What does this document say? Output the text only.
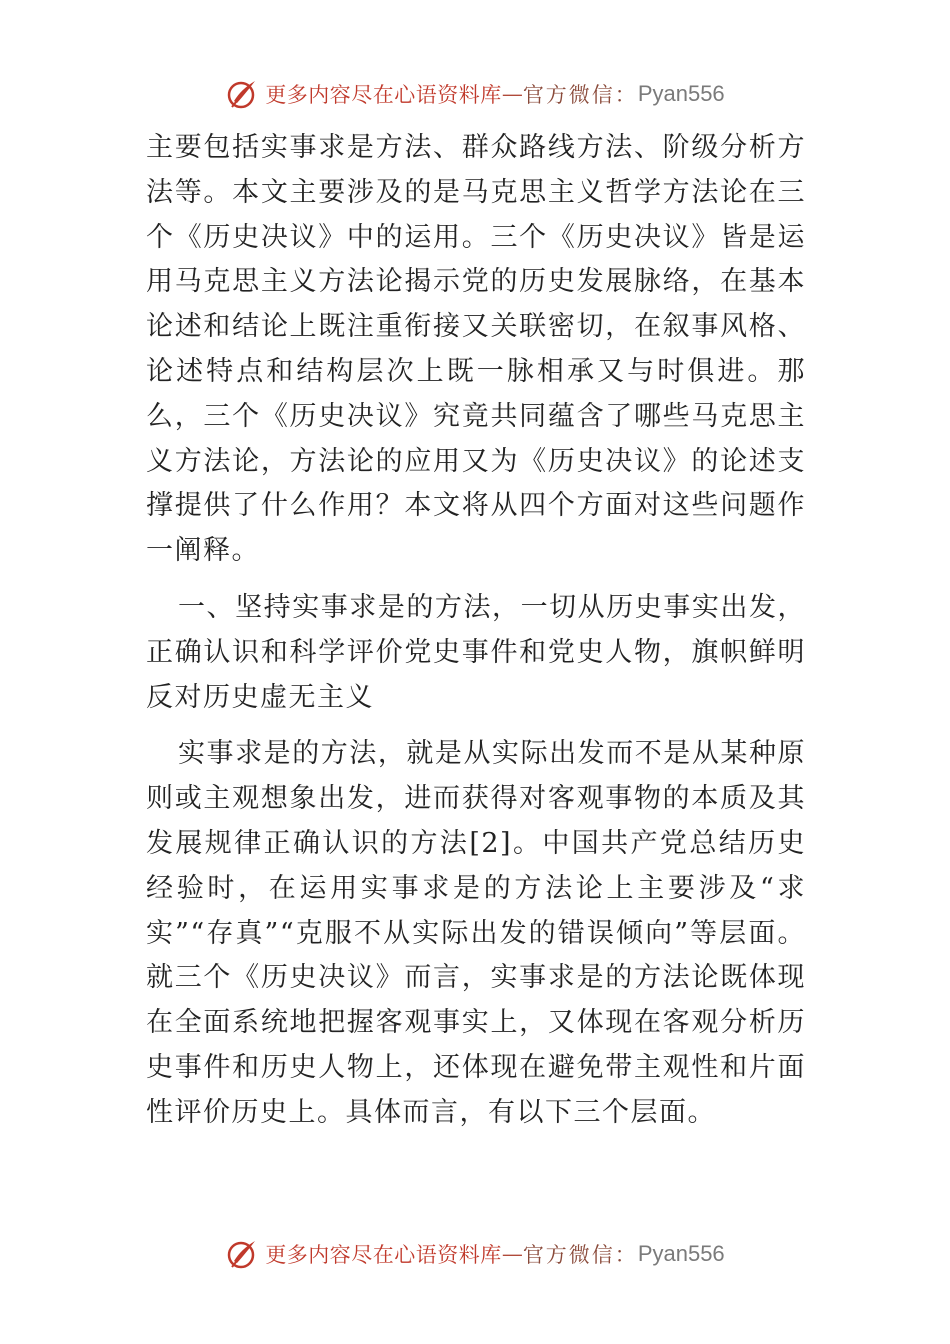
更多内容尽在心语资料库 — 官方微信： Pyan556

主要包括实事求是方法、群众路线方法、阶级分析方法等。本文主要涉及的是马克思主义哲学方法论在三个《历史决议》中的运用。三个《历史决议》皆是运用马克思主义方法论揭示党的历史发展脉络，在基本论述和结论上既注重衔接又关联密切，在叙事风格、论述特点和结构层次上既一脉相承又与时俱进。那么，三个《历史决议》究竟共同蕴含了哪些马克思主义方法论，方法论的应用又为《历史决议》的论述支撑提供了什么作用？本文将从四个方面对这些问题作一阐释。

一、坚持实事求是的方法，一切从历史事实出发，正确认识和科学评价党史事件和党史人物，旗帜鲜明反对历史虚无主义

实事求是的方法，就是从实际出发而不是从某种原则或主观想象出发，进而获得对客观事物的本质及其发展规律正确认识的方法[2]。中国共产党总结历史经验时，在运用实事求是的方法论上主要涉及“求实”“存真”“克服不从实际出发的错误倾向”等层面。就三个《历史决议》而言，实事求是的方法论既体现在全面系统地把握客观事实上，又体现在客观分析历史事件和历史人物上，还体现在避免带主观性和片面性评价历史上。具体而言，有以下三个层面。

更多内容尽在心语资料库 — 官方微信： Pyan556
